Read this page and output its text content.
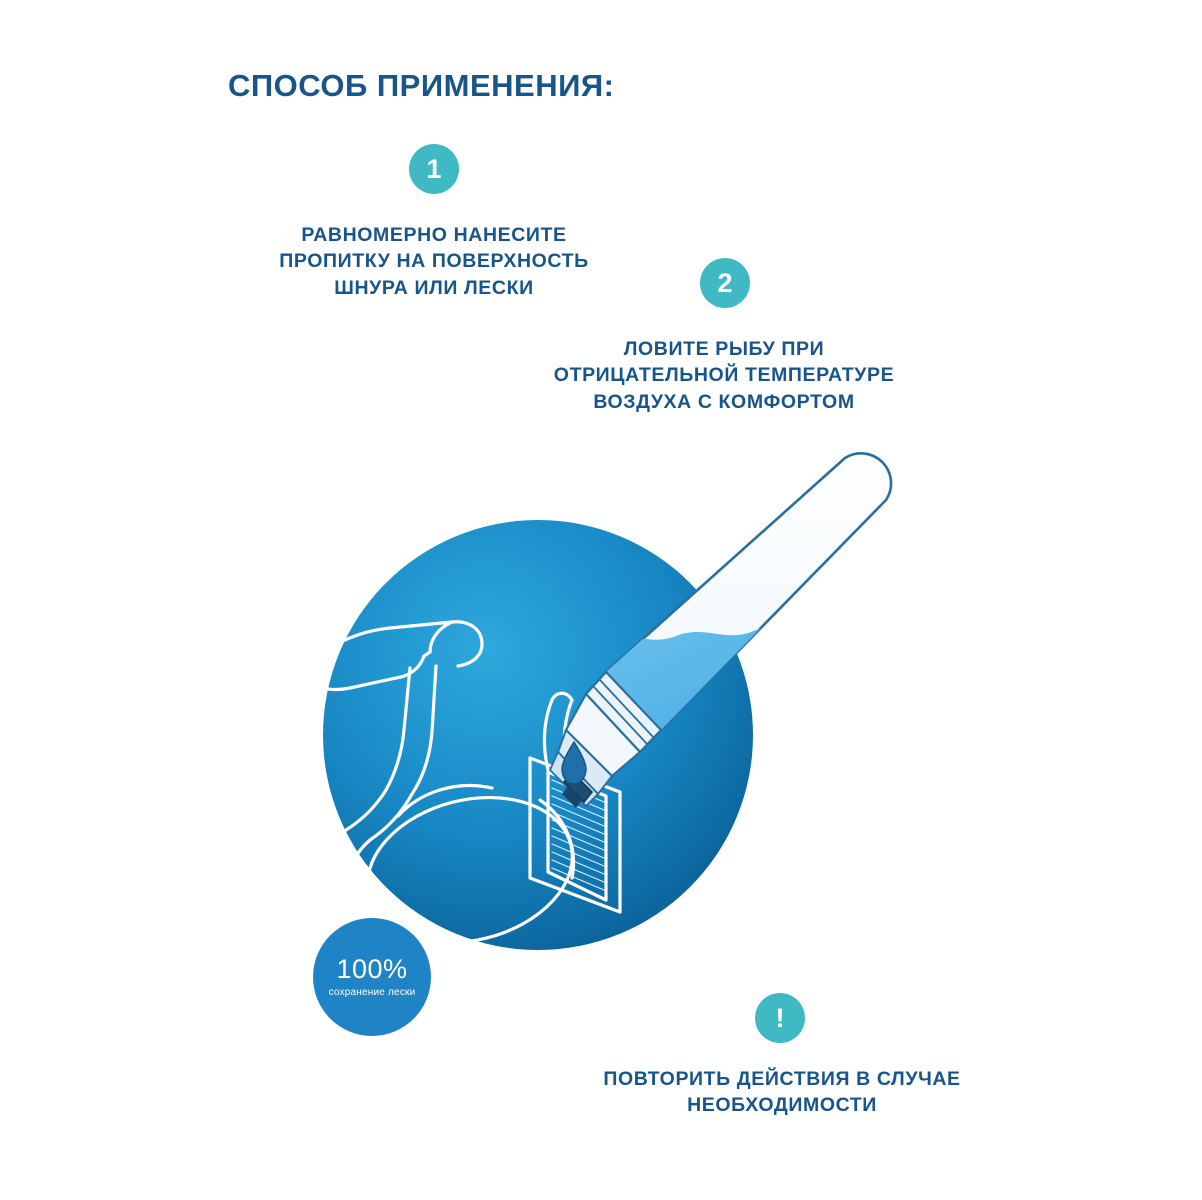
СПОСОБ ПРИМЕНЕНИЯ:
1
РАВНОМЕРНО НАНЕСИТЕ ПРОПИТКУ НА ПОВЕРХНОСТЬ ШНУРА ИЛИ ЛЕСКИ	2
ЛОВИТЕ РЫБУ ПРИ ОТРИЦАТЕЛЬНОЙ ТЕМПЕРАТУРЕ ВОЗДУХА С КОМФОРТОМ
!
ПОВТОРИТЬ ДЕЙСТВИЯ В СЛУЧАЕ НЕОБХОДИМОСТИ
100%
сохранение лески
